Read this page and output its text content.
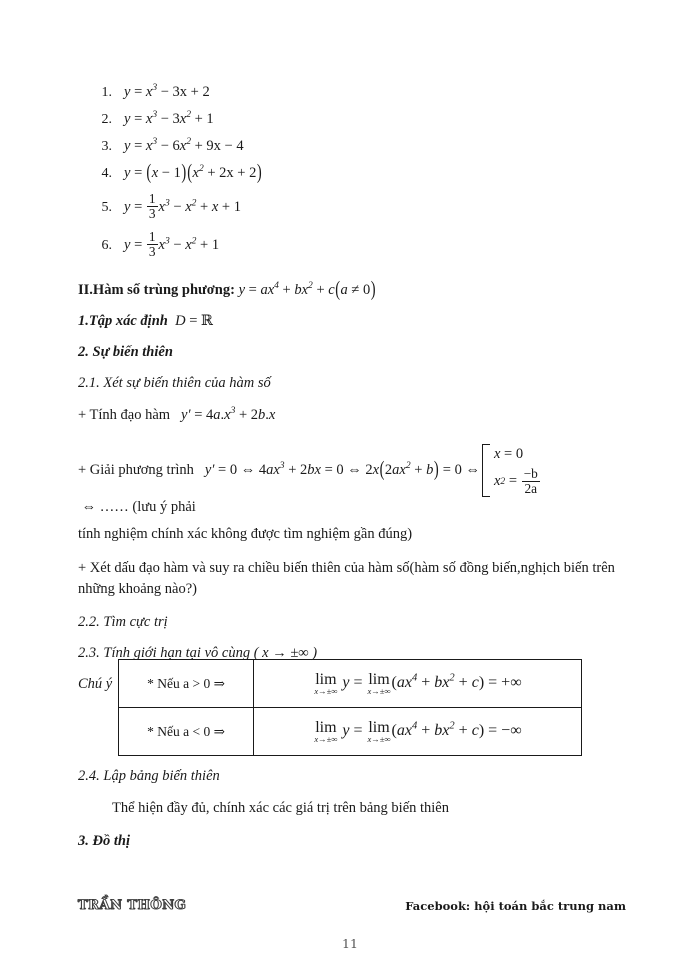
1. $y = x^3 - 3x + 2$
2. $y = x^3 - 3x^2 + 1$
3. $y = x^3 - 6x^2 + 9x - 4$
4. $y = (x - 1)(x^2 + 2x + 2)$
5. $y = \frac{1}{3} x^3 - x^2 + x + 1$
6. $y = \frac{1}{3} x^3 - x^2 + 1$

II.Hàm số trùng phương: $y = ax^4 + bx^2 + c(a \ne 0)$

1.Tập xác định  D = ℝ

2. Sự biến thiên

2.1. Xét sự biến thiên của hàm số

+ Tính đạo hàm   $y' = 4a.x^3 + 2b.x$

+ Giải phương trình   y′ = 0 ⇔ $4ax^3 + 2bx = 0$ ⇔ $2x(2ax^2 + b) = 0$ ⇔
x = 0
x $2 = \frac{-b}{2a}$
⇔ …… (lưu ý phải

tính nghiệm chính xác không được tìm nghiệm gần đúng)

+ Xét dấu đạo hàm và suy ra chiều biến thiên của hàm số(hàm số đồng biến,nghịch biến trên những khoảng nào?)

2.2. Tìm cực trị

2.3. Tính giới hạn tại vô cùng ( x → ±∞ )

Chú ý	* Nếu a > 0 ⇒	lim
x→±∞ y = lim
x→±∞ $(ax^4 + bx^2 + c)$ = +∞
* Nếu a < 0 ⇒	lim
x→±∞ y = lim
x→±∞ $(ax^4 + bx^2 + c)$ = −∞

2.4. Lập bảng biến thiên

Thể hiện đầy đủ, chính xác các giá trị trên bảng biến thiên

3. Đồ thị

TRẦN THÔNG	Facebook: hội toán bắc trung nam
11
